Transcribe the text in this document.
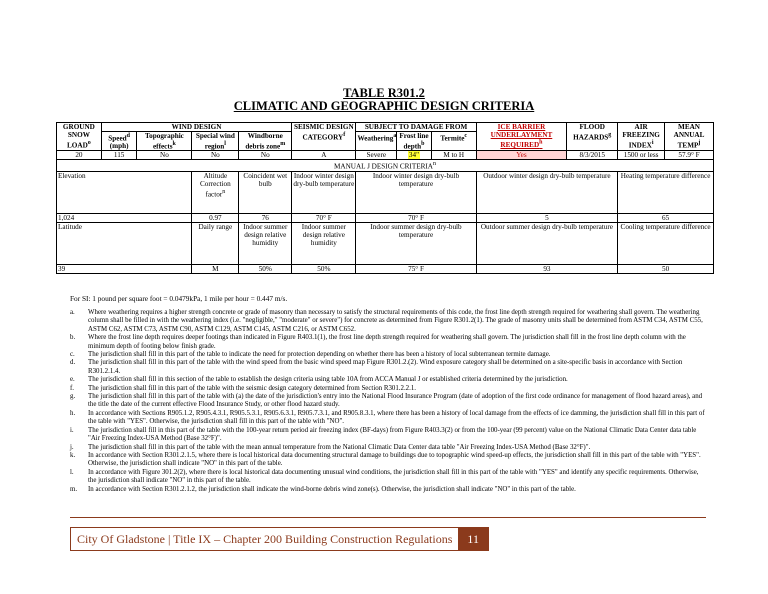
TABLE R301.2
CLIMATIC AND GEOGRAPHIC DESIGN CRITERIA
GROUND SNOW LOAD$^o$	WIND DESIGN				SEISMIC DESIGN CATEGORY$^f$	SUBJECT TO DAMAGE FROM			ICE BARRIER UNDERLAYMENT REQUIRED$^h$	FLOOD HAZARDS$^g$	AIR FREEZING INDEX$^i$	MEAN ANNUAL TEMP$^j$
	Speed$^d$ (mph)	Topographic effects$^k$	Special wind region$^l$	Windborne debris zone$^m$		Weathering$^a$	Frost line depth$^b$	Termite$^c$
20	115	No	No	No	A	Severe	34"	M to H	Yes	8/3/2015	1500 or less	57.9° F
MANUAL J DESIGN CRITERIA$^n$
Elevation			Altitude Correction factor$^n$	Coincident wet bulb	Indoor winter design dry-bulb temperature	Indoor winter design dry-bulb temperature			Outdoor winter design dry-bulb temperature		Heating temperature difference	
1,024			0.97	76	70° F	70° F			5		65	
Latitude			Daily range	Indoor summer design relative humidity	Indoor summer design relative humidity	Indoor summer design dry-bulb temperature			Outdoor summer design dry-bulb temperature		Cooling temperature difference	
39			M	50%	50%	75° F			93		50	
For SI: 1 pound per square foot = 0.0479kPa, 1 mile per hour = 0.447 m/s.
a. Where weathering requires a higher strength concrete or grade of masonry than necessary to satisfy the structural requirements of this code, the frost line depth strength required for weathering shall govern. The weathering column shall be filled in with the weathering index (i.e. "negligible," "moderate" or severe") for concrete as determined from Figure R301.2(1). The grade of masonry units shall be determined from ASTM C34, ASTM C55, ASTM C62, ASTM C73, ASTM C90, ASTM C129, ASTM C145, ASTM C216, or ASTM C652.
b. Where the frost line depth requires deeper footings than indicated in Figure R403.1(1), the frost line depth strength required for weathering shall govern. The jurisdiction shall fill in the frost line depth column with the minimum depth of footing below finish grade.
c. The jurisdiction shall fill in this part of the table to indicate the need for protection depending on whether there has been a history of local subterranean termite damage.
d. The jurisdiction shall fill in this part of the table with the wind speed from the basic wind speed map Figure R301.2.(2). Wind exposure category shall be determined on a site-specific basis in accordance with Section R301.2.1.4.
e. The jurisdiction shall fill in this section of the table to establish the design criteria using table 10A from ACCA Manual J or established criteria determined by the jurisdiction.
f. The jurisdiction shall fill in this part of the table with the seismic design category determined from Section R301.2.2.1.
g. The jurisdiction shall fill in this part of the table with (a) the date of the jurisdiction's entry into the National Flood Insurance Program (date of adoption of the first code ordinance for management of flood hazard areas), and the title the date of the current effective Flood Insurance Study, or other flood hazard study.
h. In accordance with Sections R905.1.2, R905.4.3.1, R905.5.3.1, R905.6.3.1, R905.7.3.1, and R905.8.3.1, where there has been a history of local damage from the effects of ice damming, the jurisdiction shall fill in this part of the table with "YES". Otherwise, the jurisdiction shall fill in this part of the table with "NO".
i. The jurisdiction shall fill in this part of the table with the 100-year return period air freezing index (BF-days) from Figure R403.3(2) or from the 100-year (99 percent) value on the National Climatic Data Center data table "Air Freezing Index-USA Method (Base 32°F)".
j. The jurisdiction shall fill in this part of the table with the mean annual temperature from the National Climatic Data Center data table "Air Freezing Index-USA Method (Base 32°F)".
k. In accordance with Section R301.2.1.5, where there is local historical data documenting structural damage to buildings due to topographic wind speed-up effects, the jurisdiction shall fill in this part of the table with "YES". Otherwise, the jurisdiction shall indicate "NO" in this part of the table.
l. In accordance with Figure 301.2(2), where there is local historical data documenting unusual wind conditions, the jurisdiction shall fill in this part of the table with "YES" and identify any specific requirements. Otherwise, the jurisdiction shall indicate "NO" in this part of the table.
m. In accordance with Section R301.2.1.2, the jurisdiction shall indicate the wind-borne debris wind zone(s). Otherwise, the jurisdiction shall indicate "NO" in this part of the table.
City Of Gladstone | Title IX – Chapter 200 Building Construction Regulations	11
